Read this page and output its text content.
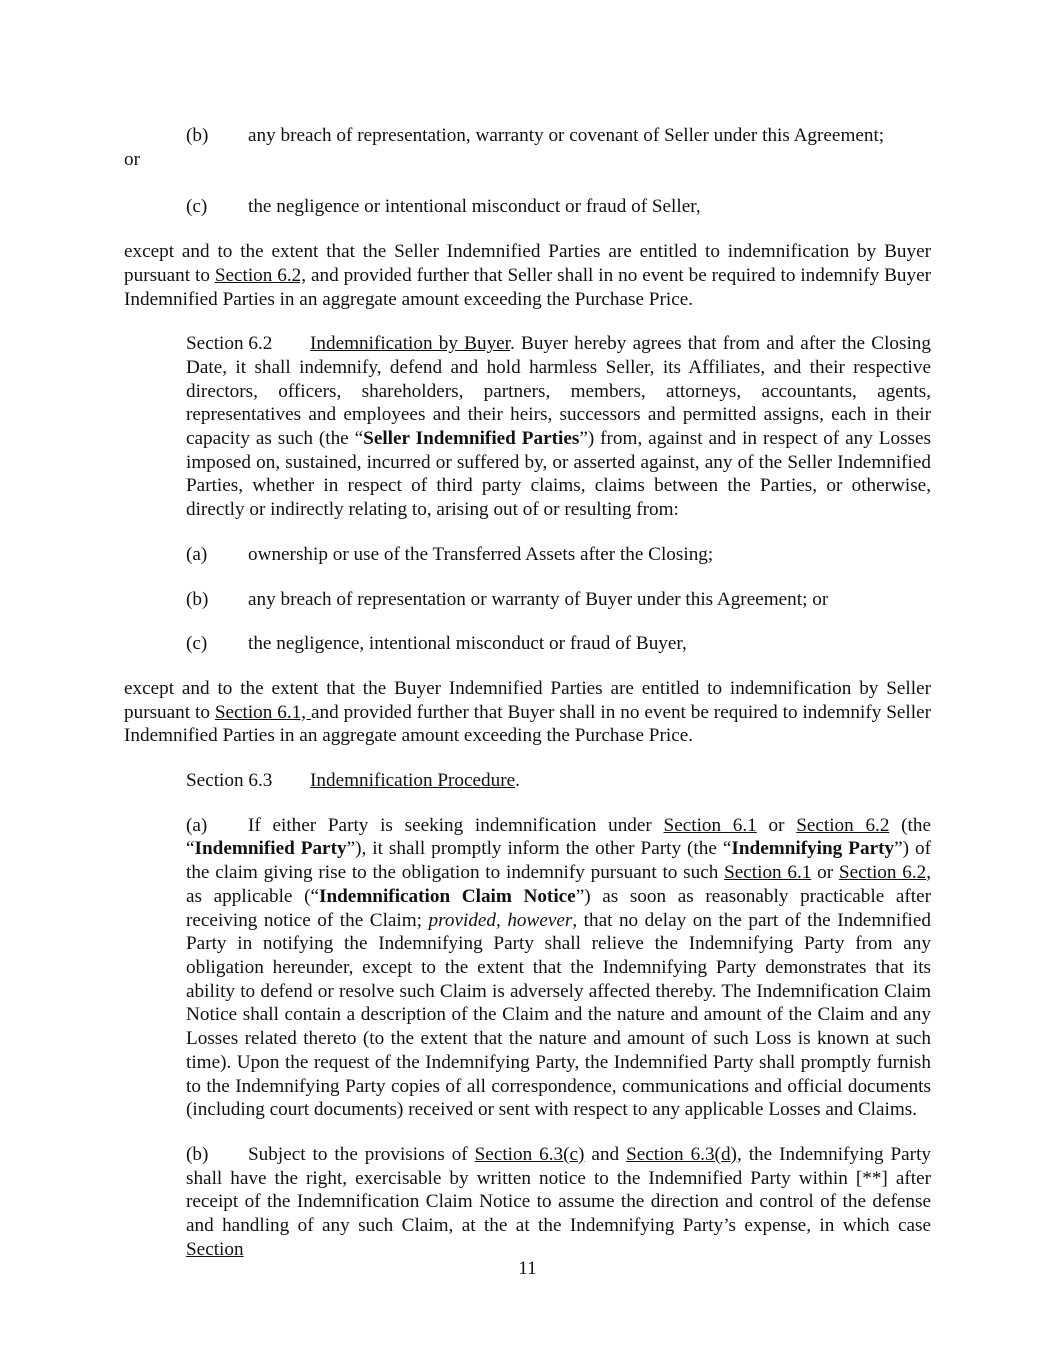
(b)	any breach of representation, warranty or covenant of Seller under this Agreement;
or
(c)	the negligence or intentional misconduct or fraud of Seller,

except and to the extent that the Seller Indemnified Parties are entitled to indemnification by Buyer pursuant to Section 6.2, and provided further that Seller shall in no event be required to indemnify Buyer Indemnified Parties in an aggregate amount exceeding the Purchase Price.

Section 6.2 Indemnification by Buyer. Buyer hereby agrees that from and after the Closing Date, it shall indemnify, defend and hold harmless Seller, its Affiliates, and their respective directors, officers, shareholders, partners, members, attorneys, accountants, agents, representatives and employees and their heirs, successors and permitted assigns, each in their capacity as such (the “Seller Indemnified Parties”) from, against and in respect of any Losses imposed on, sustained, incurred or suffered by, or asserted against, any of the Seller Indemnified Parties, whether in respect of third party claims, claims between the Parties, or otherwise, directly or indirectly relating to, arising out of or resulting from:

(a)	ownership or use of the Transferred Assets after the Closing;
(b)	any breach of representation or warranty of Buyer under this Agreement; or
(c)	the negligence, intentional misconduct or fraud of Buyer,

except and to the extent that the Buyer Indemnified Parties are entitled to indemnification by Seller pursuant to Section 6.1, and provided further that Buyer shall in no event be required to indemnify Seller Indemnified Parties in an aggregate amount exceeding the Purchase Price.

Section 6.3 Indemnification Procedure.

(a) If either Party is seeking indemnification under Section 6.1 or Section 6.2 (the “Indemnified Party”), it shall promptly inform the other Party (the “Indemnifying Party”) of the claim giving rise to the obligation to indemnify pursuant to such Section 6.1 or Section 6.2, as applicable (“Indemnification Claim Notice”) as soon as reasonably practicable after receiving notice of the Claim; provided, however, that no delay on the part of the Indemnified Party in notifying the Indemnifying Party shall relieve the Indemnifying Party from any obligation hereunder, except to the extent that the Indemnifying Party demonstrates that its ability to defend or resolve such Claim is adversely affected thereby. The Indemnification Claim Notice shall contain a description of the Claim and the nature and amount of the Claim and any Losses related thereto (to the extent that the nature and amount of such Loss is known at such time). Upon the request of the Indemnifying Party, the Indemnified Party shall promptly furnish to the Indemnifying Party copies of all correspondence, communications and official documents (including court documents) received or sent with respect to any applicable Losses and Claims.

(b) Subject to the provisions of Section 6.3(c) and Section 6.3(d), the Indemnifying Party shall have the right, exercisable by written notice to the Indemnified Party within [**] after receipt of the Indemnification Claim Notice to assume the direction and control of the defense and handling of any such Claim, at the at the Indemnifying Party’s expense, in which case Section

11
